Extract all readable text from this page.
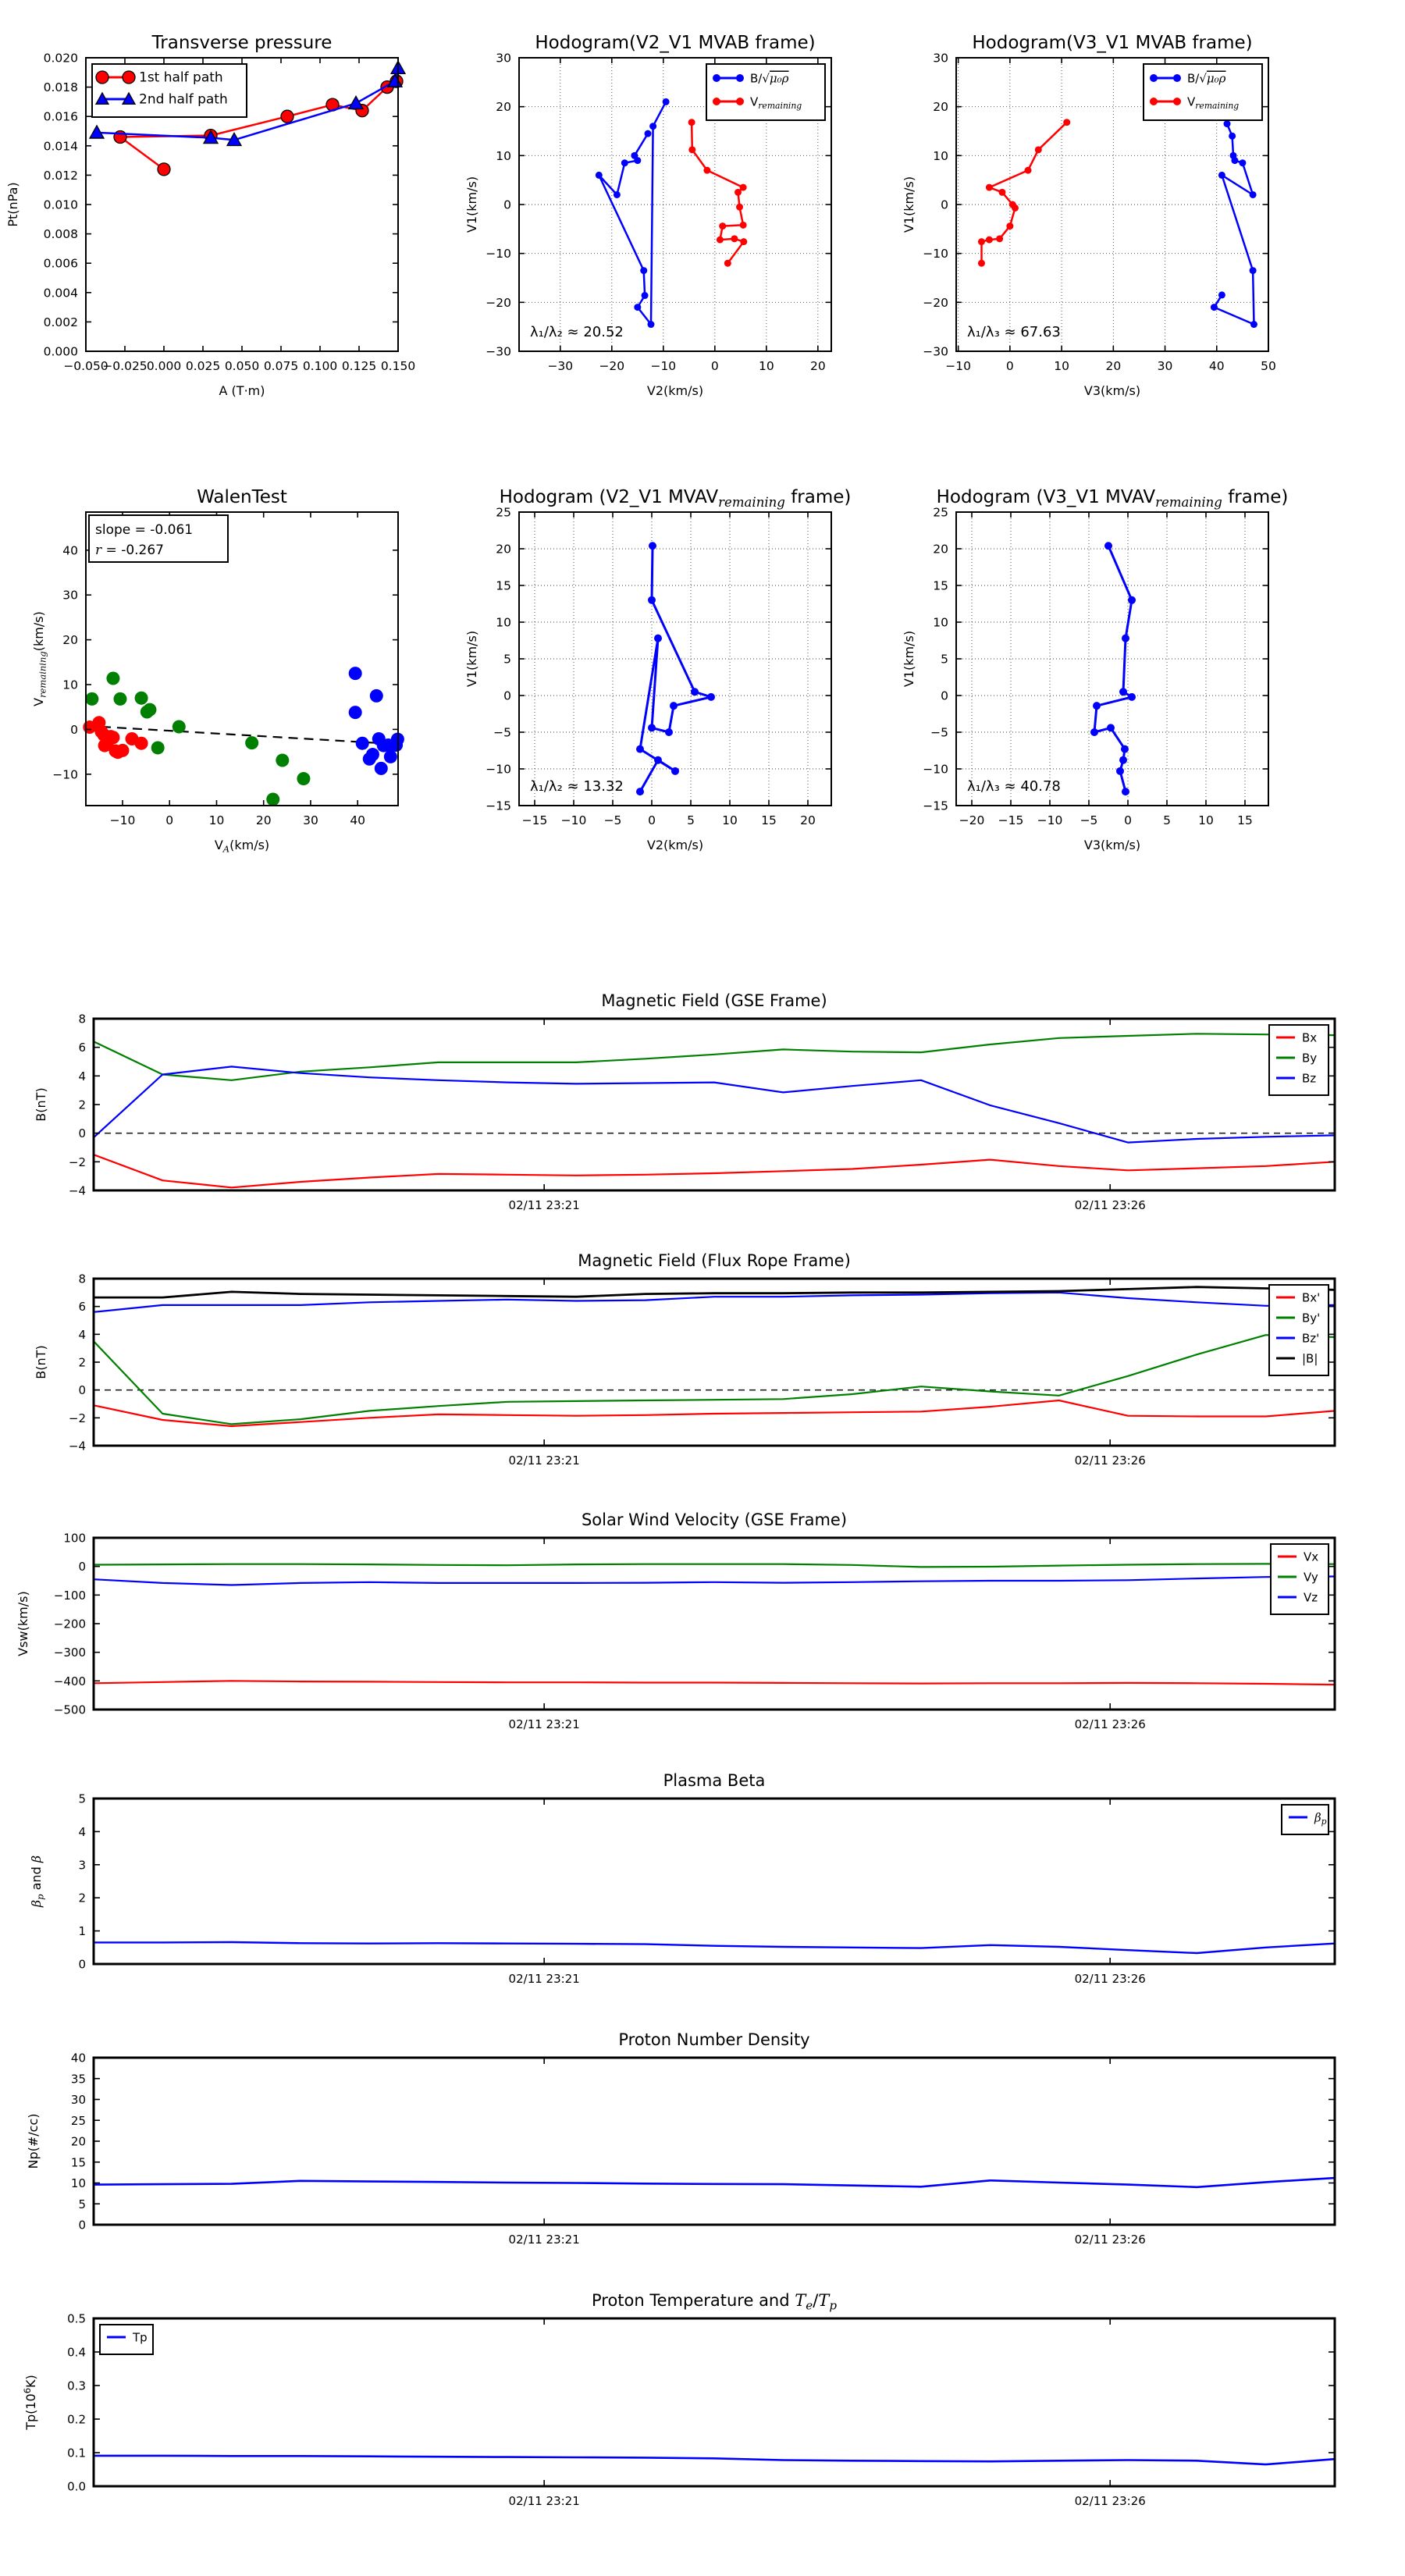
−0.050
−0.025 0.000 0.025 0.050 0.075 0.100 0.125 0.150
0.000
0.002
0.004
0.006
0.008
0.010
0.012
0.014
0.016
0.018
0.020
Transverse pressure
A (T·m)
Pt(nPa)
1st half path
2nd half path
−30 −20 −10	0	10	20
−30
−20
−10
0
10
20
30
Hodogram(V2_V1 MVAB frame)
V2(km/s)
V1(km/s)
λ₁/λ₂ ≈ 20.52
B/√μ₀ρ
$V_{remaining}$
−10	0	10	20	30	40	50
−30
−20
−10
0
10
20
30
Hodogram(V3_V1 MVAB frame)
V3(km/s)
V1(km/s)
λ₁/λ₃ ≈ 67.63
B/√μ₀ρ
$V_{remaining}$
−10	0	10	20	30	40
−10
0
10
20
30
40
WalenTest
$V_A(km/s)$
$V_{remaining}(km/s)$
slope = -0.061
r = -0.267
−15 −10 −5 0	5 10 15 20
−15
−10
−5
0
5
10
15
20
25
Hodogram (V2_V1 $MVAV_{remaining}$ frame)
V2(km/s)
V1(km/s)
λ₁/λ₂ ≈ 13.32
−20 −15 −10 −5 0	5 10 15
−15
−10
−5
0
5
10
15
20
25
Hodogram (V3_V1 $MVAV_{remaining}$ frame)
V3(km/s)
V1(km/s)
λ₁/λ₃ ≈ 40.78
02/11 23:21	02/11 23:26
−4
−2
0
2
4
6
8
Magnetic Field (GSE Frame)
B(nT)
Bx
By
Bz
02/11 23:21	02/11 23:26
−4
−2
0
2
4
6
8
Magnetic Field (Flux Rope Frame)
B(nT)
Bx'
By'
Bz'
|B|
02/11 23:21	02/11 23:26
−500
−400
−300
−200
−100
0
100
Solar Wind Velocity (GSE Frame)
Vsw(km/s)
Vx
Vy
Vz
02/11 23:21	02/11 23:26
0
1
2
3
4
5
Plasma Beta
$\beta_p$ and β
$\beta_p$
02/11 23:21	02/11 23:26
0
5
10
15
20
25
30
35
40
Proton Number Density
Np(#/cc)
02/11 23:21	02/11 23:26
0.0
0.1
0.2
0.3
0.4
0.5
Proton Temperature and $T_e/T_p$
$Tp(10^6K)$
Tp
